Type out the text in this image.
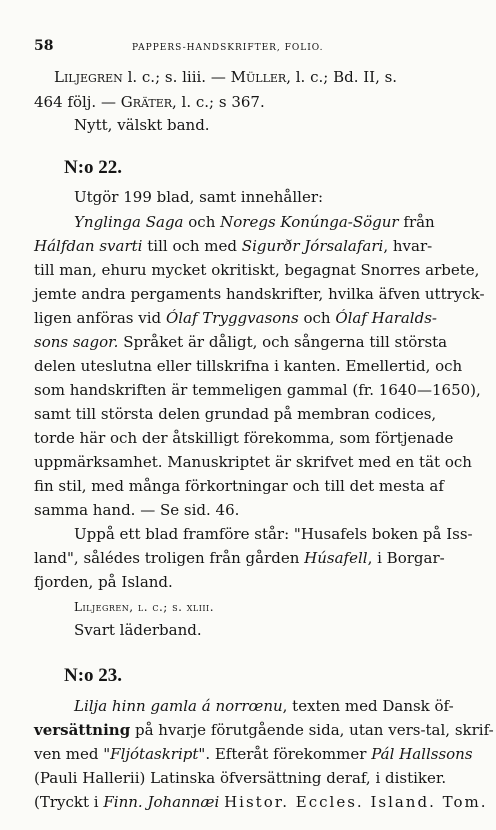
58	PAPPERS-HANDSKRIFTER, FOLIO.
Liljegren l. c.; s. liii. — Müller, l. c.; Bd. II, s.
464 följ. — Gräter, l. c.; s 367.
Nytt, välskt band.
N:o 22.
Utgör 199 blad, samt innehåller:
Ynglinga Saga och Noregs Konúnga-Sögur från
Hálfdan svarti till och med Sigurðr Jórsalafari, hvar-
till man, ehuru mycket okritiskt, begagnat Snorres arbete,
jemte andra pergaments handskrifter, hvilka äfven uttryck-
ligen anföras vid Ólaf Tryggvasons och Ólaf Haralds-
sons sagor. Språket är dåligt, och sångerna till största
delen uteslutna eller tillskrifna i kanten. Emellertid, och
som handskriften är temmeligen gammal (fr. 1640—1650),
samt till största delen grundad på membran codices,
torde här och der åtskilligt förekomma, som förtjenade
uppmärksamhet. Manuskriptet är skrifvet med en tät och
fin stil, med många förkortningar och till det mesta af
samma hand. — Se sid. 46.
Uppå ett blad framföre står: "Husafels boken på Iss-
land", sålédes troligen från gården Húsafell, i Borgar-
fjorden, på Island.
Liljegren, l. c.; s. xliii.
Svart läderband.
N:o 23.
Lilja hinn gamla á norrœnu, texten med Dansk öf-
versättning på hvarje förutgående sida, utan vers-tal, skrif-
ven med "Fljótaskript". Efteråt förekommer Pál Hallssons
(Pauli Hallerii) Latinska öfversättning deraf, i distiker.
(Tryckt i Finn. Johannæi Histor. Eccles. Island. Tom.
